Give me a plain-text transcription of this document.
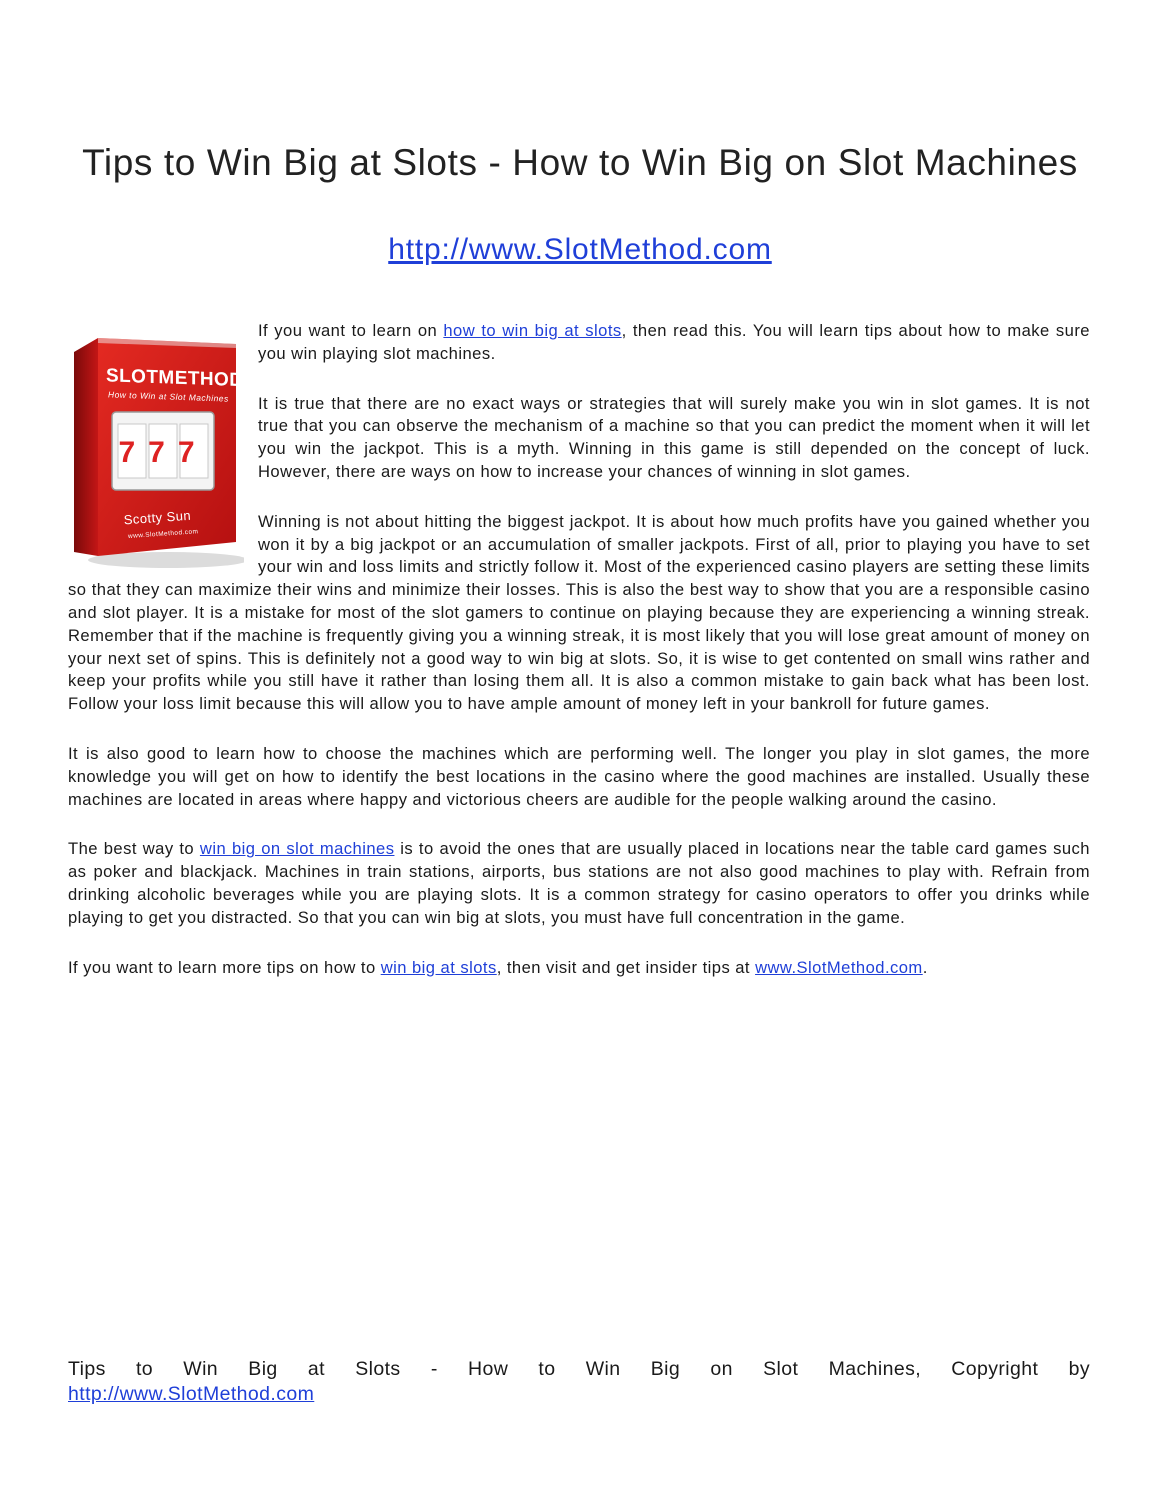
Tips to Win Big at Slots - How to Win Big on Slot Machines
http://www.SlotMethod.com
SLOTMETHOD
How to Win at Slot Machines
777
Scotty Sun
www.SlotMethod.com

If you want to learn on how to win big at slots, then read this. You will learn tips about how to make sure you win playing slot machines.

It is true that there are no exact ways or strategies that will surely make you win in slot games. It is not true that you can observe the mechanism of a machine so that you can predict the moment when it will let you win the jackpot. This is a myth. Winning in this game is still depended on the concept of luck. However, there are ways on how to increase your chances of winning in slot games.

Winning is not about hitting the biggest jackpot. It is about how much profits have you gained whether you won it by a big jackpot or an accumulation of smaller jackpots. First of all, prior to playing you have to set your win and loss limits and strictly follow it. Most of the experienced casino players are setting these limits so that they can maximize their wins and minimize their losses. This is also the best way to show that you are a responsible casino and slot player. It is a mistake for most of the slot gamers to continue on playing because they are experiencing a winning streak. Remember that if the machine is frequently giving you a winning streak, it is most likely that you will lose great amount of money on your next set of spins. This is definitely not a good way to win big at slots. So, it is wise to get contented on small wins rather and keep your profits while you still have it rather than losing them all. It is also a common mistake to gain back what has been lost. Follow your loss limit because this will allow you to have ample amount of money left in your bankroll for future games.

It is also good to learn how to choose the machines which are performing well. The longer you play in slot games, the more knowledge you will get on how to identify the best locations in the casino where the good machines are installed. Usually these machines are located in areas where happy and victorious cheers are audible for the people walking around the casino.

The best way to win big on slot machines is to avoid the ones that are usually placed in locations near the table card games such as poker and blackjack. Machines in train stations, airports, bus stations are not also good machines to play with. Refrain from drinking alcoholic beverages while you are playing slots. It is a common strategy for casino operators to offer you drinks while playing to get you distracted. So that you can win big at slots, you must have full concentration in the game.

If you want to learn more tips on how to win big at slots, then visit and get insider tips at www.SlotMethod.com.

Tips to Win Big at Slots - How to Win Big on Slot Machines, Copyright by
http://www.SlotMethod.com
